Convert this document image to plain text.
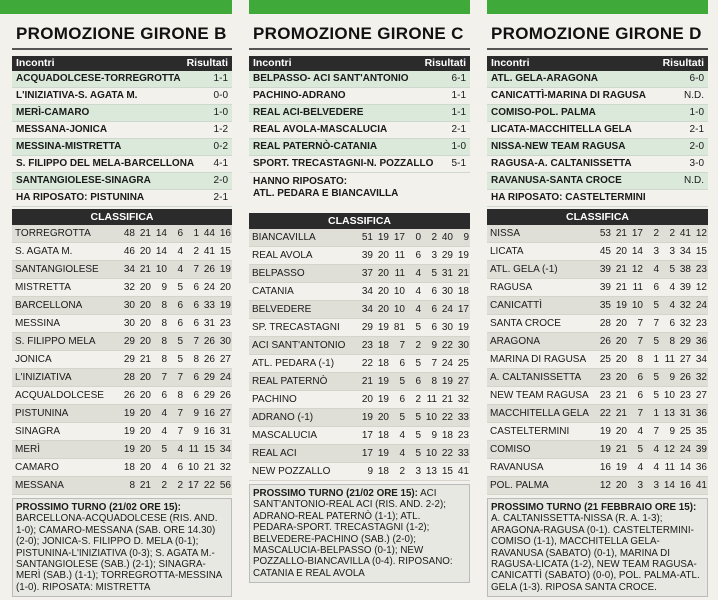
PROMOZIONE GIRONE B
Incontri	Risultati
ACQUADOLCESE-TORREGROTTA	1-1
L'INIZIATIVA-S. AGATA M.	0-0
MERÌ-CAMARO	1-0
MESSANA-JONICA	1-2
MESSINA-MISTRETTA	0-2
S. FILIPPO DEL MELA-BARCELLONA 4-1
SANTANGIOLESE-SINAGRA	2-0
HA RIPOSATO: PISTUNINA	2-1
CLASSIFICA
TORREGROTTA	48	21	14	6	1	44	16
S. AGATA M.	46	20	14	4	2	41	15
SANTANGIOLESE	34	21	10	4	7	26	19
MISTRETTA	32	20	9	5	6	24	20
BARCELLONA	30	20	8	6	6	33	19
MESSINA	30	20	8	6	6	31	23
S. FILIPPO MELA	29	20	8	5	7	26	30
JONICA	29	21	8	5	8	26	27
L'INIZIATIVA	28	20	7	7	6	29	24
ACQUALDOLCESE	26	20	6	8	6	29	26
PISTUNINA	19	20	4	7	9	16	27
SINAGRA	19	20	4	7	9	16	31
MERÌ	19	20	5	4	11	15	34
CAMARO	18	20	4	6	10	21	32
MESSANA	8	21	2	2	17	22	56
PROSSIMO TURNO (21/02 ORE 15): BARCELLONA-ACQUADOLCESE (RIS. AND. 1-0); CAMARO-MESSANA (SAB. ORE 14.30) (2-0); JONICA-S. FILIPPO D. MELA (0-1); PISTUNINA-L'INIZIATIVA (0-3); S. AGATA M.-SANTANGIOLESE (SAB.) (2-1); SINAGRA-MERÌ (SAB.) (1-1); TORREGROTTA-MESSINA (1-0). RIPOSATA: MISTRETTA
PROMOZIONE GIRONE C
Incontri	Risultati
BELPASSO- ACI SANT'ANTONIO	6-1
PACHINO-ADRANO	1-1
REAL ACI-BELVEDERE	1-1
REAL AVOLA-MASCALUCIA	2-1
REAL PATERNÒ-CATANIA	1-0
SPORT. TRECASTAGNI-N. POZZALLO 5-1
HANNO RIPOSATO:
ATL. PEDARA E BIANCAVILLA
CLASSIFICA
BIANCAVILLA	51	19	17	0	2	40	9
REAL AVOLA	39	20	11	6	3	29	19
BELPASSO	37	20	11	4	5	31	21
CATANIA	34	20	10	4	6	30	18
BELVEDERE	34	20	10	4	6	24	17
SP. TRECASTAGNI	29	19	81	5	6	30	19
ACI SANT'ANTONIO	23	18	7	2	9	22	30
ATL. PEDARA (-1)	22	18	6	5	7	24	25
REAL PATERNÒ	21	19	5	6	8	19	27
PACHINO	20	19	6	2	11	21	32
ADRANO (-1)	19	20	5	5	10	22	33
MASCALUCIA	17	18	4	5	9	18	23
REAL ACI	17	19	4	5	10	22	33
NEW POZZALLO	9	18	2	3	13	15	41
PROSSIMO TURNO (21/02 ORE 15): ACI SANT'ANTONIO-REAL ACI (RIS. AND. 2-2); ADRANO-REAL PATERNÒ (1-1); ATL. PEDARA-SPORT. TRECASTAGNI (1-2); BELVEDERE-PACHINO (SAB.) (2-0); MASCALUCIA-BELPASSO (0-1); NEW POZZALLO-BIANCAVILLA (0-4). RIPOSANO: CATANIA E REAL AVOLA
PROMOZIONE GIRONE D
Incontri	Risultati
ATL. GELA-ARAGONA	6-0
CANICATTÌ-MARINA DI RAGUSA	N.D.
COMISO-POL. PALMA	1-0
LICATA-MACCHITELLA GELA	2-1
NISSA-NEW TEAM RAGUSA	2-0
RAGUSA-A. CALTANISSETTA	3-0
RAVANUSA-SANTA CROCE	N.D.
HA RIPOSATO: CASTELTERMINI
CLASSIFICA
NISSA	53	21	17	2	2	41	12
LICATA	45	20	14	3	3	34	15
ATL. GELA (-1)	39	21	12	4	5	38	23
RAGUSA	39	21	11	6	4	39	12
CANICATTÌ	35	19	10	5	4	32	24
SANTA CROCE	28	20	7	7	6	32	23
ARAGONA	26	20	7	5	8	29	36
MARINA DI RAGUSA	25	20	8	1	11	27	34
A. CALTANISSETTA	23	20	6	5	9	26	32
NEW TEAM RAGUSA	23	21	6	5	10	23	27
MACCHITELLA GELA	22	21	7	1	13	31	36
CASTELTERMINI	19	20	4	7	9	25	35
COMISO	19	21	5	4	12	24	39
RAVANUSA	16	19	4	4	11	14	36
POL. PALMA	12	20	3	3	14	16	41
PROSSIMO TURNO (21 FEBBRAIO ORE 15): A. CALTANISSETTA-NISSA (R. A. 1-3); ARAGONA-RAGUSA (0-1). CASTELTERMINI-COMISO (1-1), MACCHITELLA GELA-RAVANUSA (SABATO) (0-1), MARINA DI RAGUSA-LICATA (1-2), NEW TEAM RAGUSA-CANICATTÌ (SABATO) (0-0), POL. PALMA-ATL. GELA (1-3). RIPOSA SANTA CROCE.
